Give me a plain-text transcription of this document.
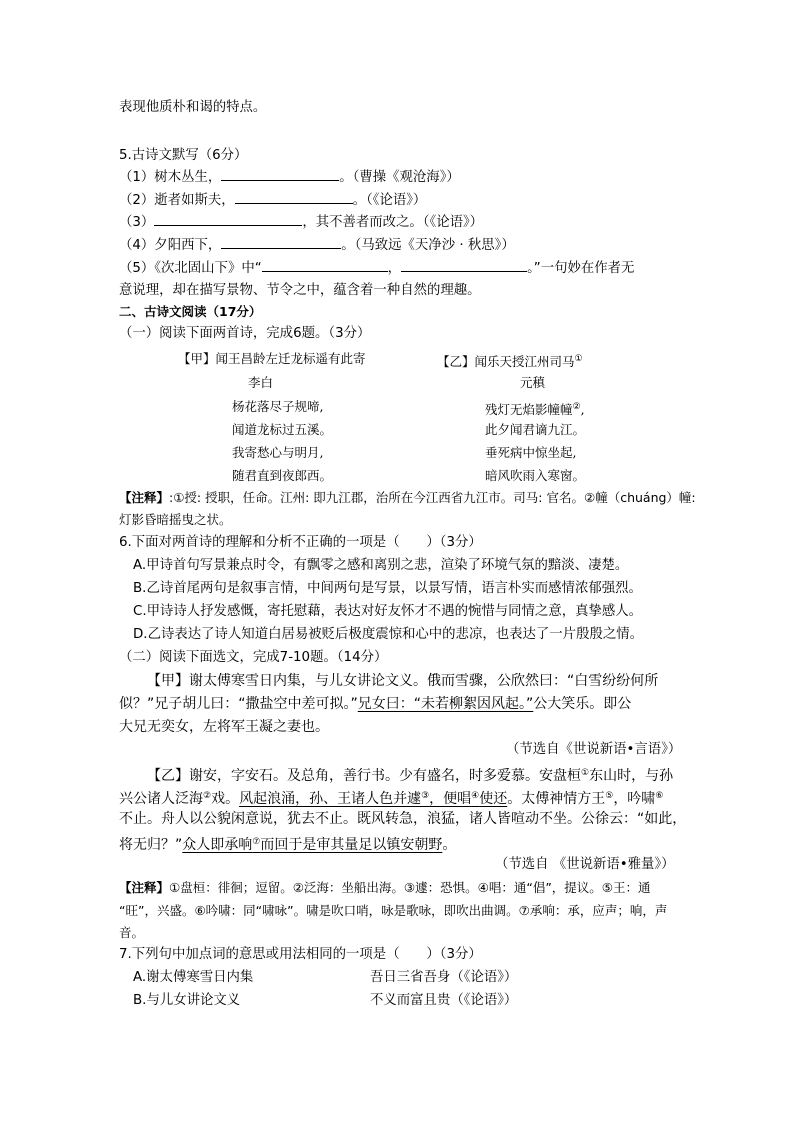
表现他质朴和谒的特点。
5.古诗文默写（6分）
（1）树木丛生，	。（曹操《观沧海》）
（2）逝者如斯夫，	。（《论语》）
（3）	，其不善者而改之。（《论语》）
（4）夕阳西下，	。（马致远《天净沙 · 秋思》）
（5）《次北固山下》中“	，	。”一句妙在作者无
意说理，却在描写景物、节令之中，蕴含着一种自然的理趣。
二、古诗文阅读（17分）
（一）阅读下面两首诗，完成6题。（3分）
【甲】闻王昌龄左迁龙标遥有此寄
李白
杨花落尽子规啼,
闻道龙标过五溪。
我寄愁心与明月,
随君直到夜郎西。
【乙】闻乐天授江州司马①
元稹
残灯无焰影幢幢②,
此夕闻君谪九江。
垂死病中惊坐起,
暗风吹雨入寒窗。
【注释】:①授: 授职，任命。江州: 即九江郡，治所在今江西省九江市。司马: 官名。②幢（chuáng）幢:
灯影昏暗摇曳之状。
6.下面对两首诗的理解和分析不正确的一项是（　　）（3分）
A.甲诗首句写景兼点时令，有飘零之感和离别之悲，渲染了环境气氛的黯淡、凄楚。
B.乙诗首尾两句是叙事言情，中间两句是写景，以景写情，语言朴实而感情浓郁强烈。
C.甲诗诗人抒发感慨，寄托慰藉，表达对好友怀才不遇的惋惜与同情之意，真挚感人。
D.乙诗表达了诗人知道白居易被贬后极度震惊和心中的悲凉，也表达了一片殷殷之情。
（二）阅读下面选文，完成7-10题。（14分）
【甲】谢太傅寒雪日内集，与儿女讲论文义。俄而雪骤，公欣然曰：“白雪纷纷何所
似？”兄子胡儿曰：“撒盐空中差可拟。”兄女曰：“未若柳絮因风起。”公大笑乐。即公
大兄无奕女，左将军王凝之妻也。
（节选自《世说新语•言语》）
【乙】谢安，字安石。及总角，善行书。少有盛名，时多爱慕。安盘桓①东山时，与孙
兴公诸人泛海②戏。风起浪涌，孙、王诸人色并遽③，便唱④使还。太傅神情方王⑤，吟啸⑥
不止。舟人以公貌闲意说，犹去不止。既风转急，浪猛，诸人皆喧动不坐。公徐云：“如此，
将无归？”众人即承响⑦而回于是审其量足以镇安朝野。
（节选自 《世说新语•雅量》）
【注释】①盘桓：徘徊；逗留。②泛海：坐船出海。③遽：恐惧。④唱：通“倡”，提议。⑤王：通
“旺”，兴盛。⑥吟啸：同“啸咏”。啸是吹口哨，咏是歌咏，即吹出曲调。⑦承响：承，应声；响，声
音。
7.下列句中加点词的意思或用法相同的一项是（　　）（3分）
A.谢太傅寒雪日内集	吾日三省吾身（《论语》）
B.与儿女讲论文义	不义而富且贵（《论语》）
